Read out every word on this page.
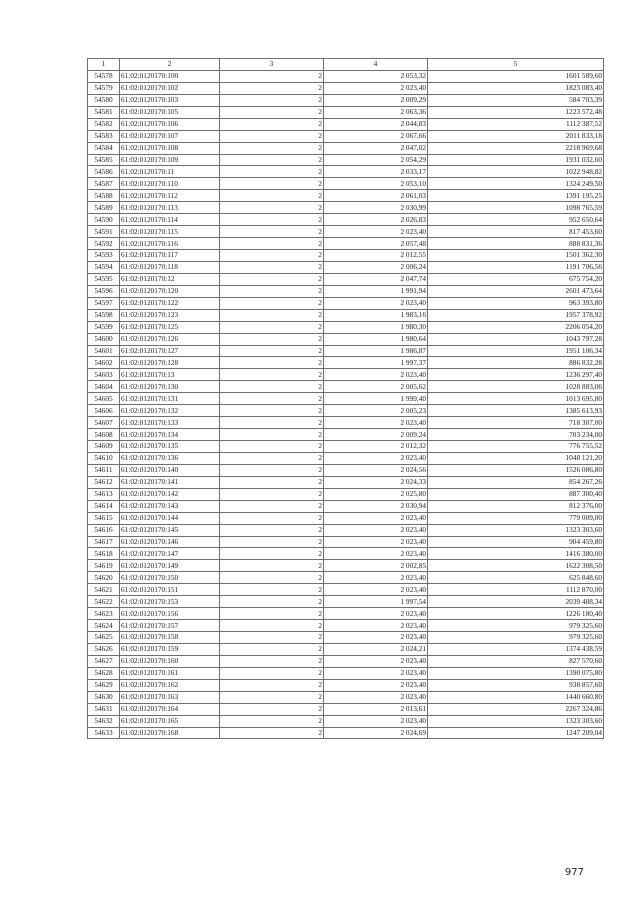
1	2	3	4	5
54578	61:02:0120170:100	2	2 053,32	1601 589,60
54579	61:02:0120170:102	2	2 023,40	1823 083,40
54580	61:02:0120170:103	2	2 009,29	584 703,39
54581	61:02:0120170:105	2	2 063,36	1223 572,48
54582	61:02:0120170:106	2	2 044,83	1112 387,52
54583	61:02:0120170:107	2	2 067,66	2011 833,18
54584	61:02:0120170:108	2	2 047,02	2218 969,68
54585	61:02:0120170:109	2	2 054,29	1931 032,60
54586	61:02:0120170:11	2	2 033,17	1022 948,82
54587	61:02:0120170:110	2	2 053,10	1324 249,50
54588	61:02:0120170:112	2	2 061,03	1391 195,25
54589	61:02:0120170:113	2	2 030,99	1098 765,59
54590	61:02:0120170:114	2	2 026,83	952 650,64
54591	61:02:0120170:115	2	2 023,40	817 453,60
54592	61:02:0120170:116	2	2 057,48	888 831,36
54593	61:02:0120170:117	2	2 012,55	1501 362,30
54594	61:02:0120170:118	2	2 006,24	1191 706,56
54595	61:02:0120170:12	2	2 047,74	675 754,20
54596	61:02:0120170:120	2	1 991,94	2601 473,64
54597	61:02:0120170:122	2	2 023,40	963 393,80
54598	61:02:0120170:123	2	1 983,16	1957 378,92
54599	61:02:0120170:125	2	1 980,30	2206 054,20
54600	61:02:0120170:126	2	1 980,64	1043 797,28
54601	61:02:0120170:127	2	1 986,87	1951 106,34
54602	61:02:0120170:128	2	1 997,37	886 832,28
54603	61:02:0120170:13	2	2 023,40	1236 297,40
54604	61:02:0120170:130	2	2 005,62	1028 883,06
54605	61:02:0120170:131	2	1 999,40	1013 695,80
54606	61:02:0120170:132	2	2 005,23	1385 613,93
54607	61:02:0120170:133	2	2 023,40	718 307,00
54608	61:02:0120170:134	2	2 009,24	703 234,00
54609	61:02:0120170:135	2	2 012,32	776 755,52
54610	61:02:0120170:136	2	2 023,40	1048 121,20
54611	61:02:0120170:140	2	2 024,56	1526 086,80
54612	61:02:0120170:141	2	2 024,33	854 267,26
54613	61:02:0120170:142	2	2 025,80	887 300,40
54614	61:02:0120170:143	2	2 030,94	812 376,00
54615	61:02:0120170:144	2	2 023,40	779 009,00
54616	61:02:0120170:145	2	2 023,40	1323 303,60
54617	61:02:0120170:146	2	2 023,40	904 459,80
54618	61:02:0120170:147	2	2 023,40	1416 380,00
54619	61:02:0120170:149	2	2 002,85	1622 308,50
54620	61:02:0120170:150	2	2 023,40	625 848,60
54621	61:02:0120170:151	2	2 023,40	1112 870,00
54622	61:02:0120170:153	2	1 997,54	2039 488,34
54623	61:02:0120170:156	2	2 023,40	1226 180,40
54624	61:02:0120170:157	2	2 023,40	979 325,60
54625	61:02:0120170:158	2	2 023,40	979 325,60
54626	61:02:0120170:159	2	2 024,21	1374 438,59
54627	61:02:0120170:160	2	2 023,40	827 570,60
54628	61:02:0120170:161	2	2 023,40	1390 075,80
54629	61:02:0120170:162	2	2 023,40	938 857,60
54630	61:02:0120170:163	2	2 023,40	1440 660,80
54631	61:02:0120170:164	2	2 013,61	2267 324,86
54632	61:02:0120170:165	2	2 023,40	1323 303,60
54633	61:02:0120170:168	2	2 024,69	1247 209,04
977
